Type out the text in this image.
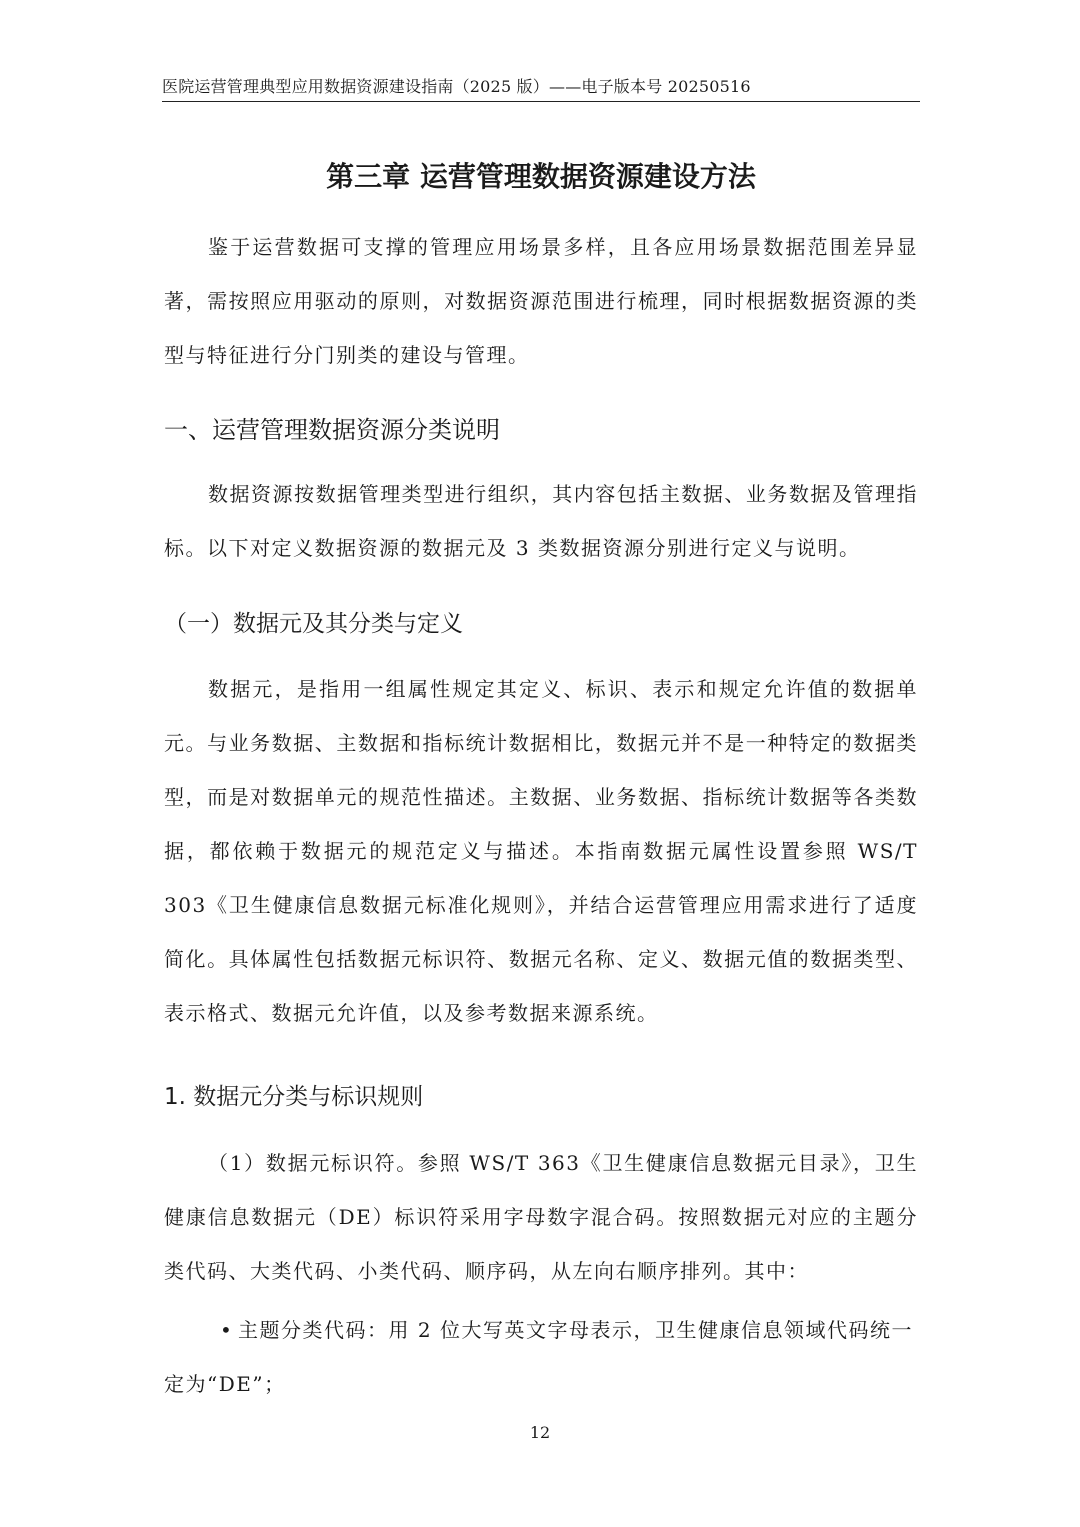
医院运营管理典型应用数据资源建设指南（2025 版）——电子版本号 20250516
第三章 运营管理数据资源建设方法
鉴于运营数据可支撑的管理应用场景多样，且各应用场景数据范围差异显著，需按照应用驱动的原则，对数据资源范围进行梳理，同时根据数据资源的类型与特征进行分门别类的建设与管理。
一、运营管理数据资源分类说明
数据资源按数据管理类型进行组织，其内容包括主数据、业务数据及管理指标。以下对定义数据资源的数据元及 3 类数据资源分别进行定义与说明。
（一）数据元及其分类与定义
数据元，是指用一组属性规定其定义、标识、表示和规定允许值的数据单元。与业务数据、主数据和指标统计数据相比，数据元并不是一种特定的数据类型，而是对数据单元的规范性描述。主数据、业务数据、指标统计数据等各类数据，都依赖于数据元的规范定义与描述。本指南数据元属性设置参照 WS/T 303《卫生健康信息数据元标准化规则》，并结合运营管理应用需求进行了适度简化。具体属性包括数据元标识符、数据元名称、定义、数据元值的数据类型、表示格式、数据元允许值，以及参考数据来源系统。
1. 数据元分类与标识规则
（1）数据元标识符。参照 WS/T 363《卫生健康信息数据元目录》，卫生健康信息数据元（DE）标识符采用字母数字混合码。按照数据元对应的主题分类代码、大类代码、小类代码、顺序码，从左向右顺序排列。其中：
• 主题分类代码：用 2 位大写英文字母表示，卫生健康信息领域代码统一定为“DE”；
12
